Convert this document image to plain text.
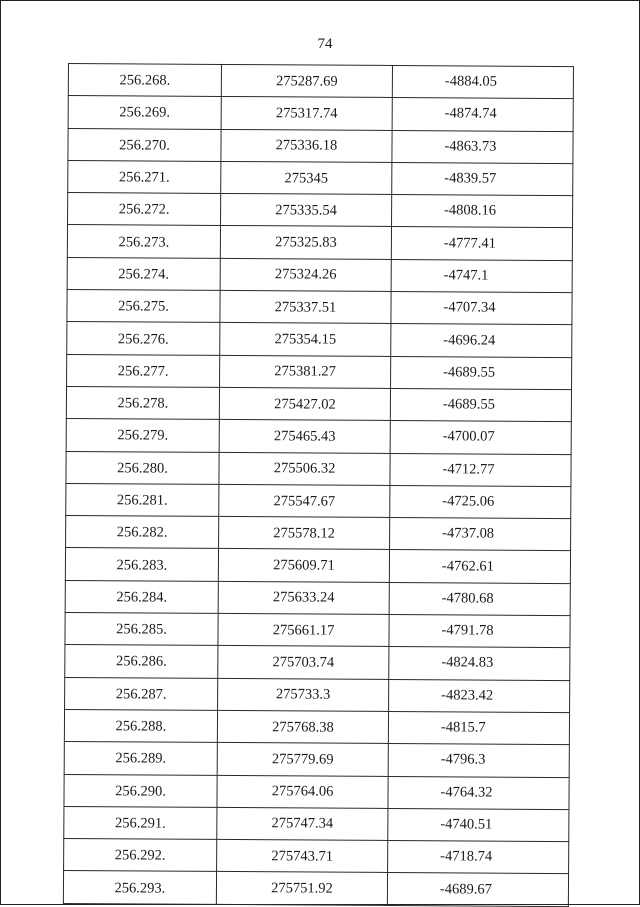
74
256.268.	275287.69	-4884.05
256.269.	275317.74	-4874.74
256.270.	275336.18	-4863.73
256.271.	275345	-4839.57
256.272.	275335.54	-4808.16
256.273.	275325.83	-4777.41
256.274.	275324.26	-4747.1
256.275.	275337.51	-4707.34
256.276.	275354.15	-4696.24
256.277.	275381.27	-4689.55
256.278.	275427.02	-4689.55
256.279.	275465.43	-4700.07
256.280.	275506.32	-4712.77
256.281.	275547.67	-4725.06
256.282.	275578.12	-4737.08
256.283.	275609.71	-4762.61
256.284.	275633.24	-4780.68
256.285.	275661.17	-4791.78
256.286.	275703.74	-4824.83
256.287.	275733.3	-4823.42
256.288.	275768.38	-4815.7
256.289.	275779.69	-4796.3
256.290.	275764.06	-4764.32
256.291.	275747.34	-4740.51
256.292.	275743.71	-4718.74
256.293.	275751.92	-4689.67
